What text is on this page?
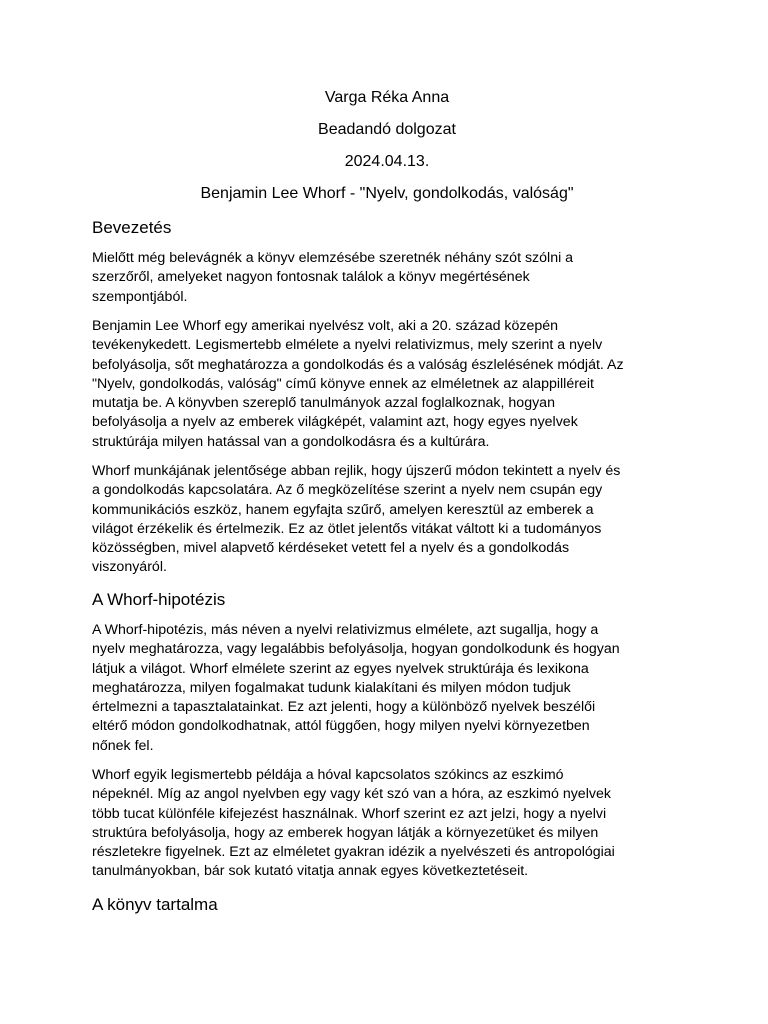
Varga Réka Anna
Beadandó dolgozat
2024.04.13.
Benjamin Lee Whorf - "Nyelv, gondolkodás, valóság"
Bevezetés
Mielőtt még belevágnék a könyv elemzésébe szeretnék néhány szót szólni a
szerzőről, amelyeket nagyon fontosnak találok a könyv megértésének
szempontjából.
Benjamin Lee Whorf egy amerikai nyelvész volt, aki a 20. század közepén
tevékenykedett. Legismertebb elmélete a nyelvi relativizmus, mely szerint a nyelv
befolyásolja, sőt meghatározza a gondolkodás és a valóság észlelésének módját. Az
"Nyelv, gondolkodás, valóság" című könyve ennek az elméletnek az alappilléreit
mutatja be. A könyvben szereplő tanulmányok azzal foglalkoznak, hogyan
befolyásolja a nyelv az emberek világképét, valamint azt, hogy egyes nyelvek
struktúrája milyen hatással van a gondolkodásra és a kultúrára.
Whorf munkájának jelentősége abban rejlik, hogy újszerű módon tekintett a nyelv és
a gondolkodás kapcsolatára. Az ő megközelítése szerint a nyelv nem csupán egy
kommunikációs eszköz, hanem egyfajta szűrő, amelyen keresztül az emberek a
világot érzékelik és értelmezik. Ez az ötlet jelentős vitákat váltott ki a tudományos
közösségben, mivel alapvető kérdéseket vetett fel a nyelv és a gondolkodás
viszonyáról.
A Whorf-hipotézis
A Whorf-hipotézis, más néven a nyelvi relativizmus elmélete, azt sugallja, hogy a
nyelv meghatározza, vagy legalábbis befolyásolja, hogyan gondolkodunk és hogyan
látjuk a világot. Whorf elmélete szerint az egyes nyelvek struktúrája és lexikona
meghatározza, milyen fogalmakat tudunk kialakítani és milyen módon tudjuk
értelmezni a tapasztalatainkat. Ez azt jelenti, hogy a különböző nyelvek beszélői
eltérő módon gondolkodhatnak, attól függően, hogy milyen nyelvi környezetben
nőnek fel.
Whorf egyik legismertebb példája a hóval kapcsolatos szókincs az eszkimó
népeknél. Míg az angol nyelvben egy vagy két szó van a hóra, az eszkimó nyelvek
több tucat különféle kifejezést használnak. Whorf szerint ez azt jelzi, hogy a nyelvi
struktúra befolyásolja, hogy az emberek hogyan látják a környezetüket és milyen
részletekre figyelnek. Ezt az elméletet gyakran idézik a nyelvészeti és antropológiai
tanulmányokban, bár sok kutató vitatja annak egyes következtetéseit.
A könyv tartalma
